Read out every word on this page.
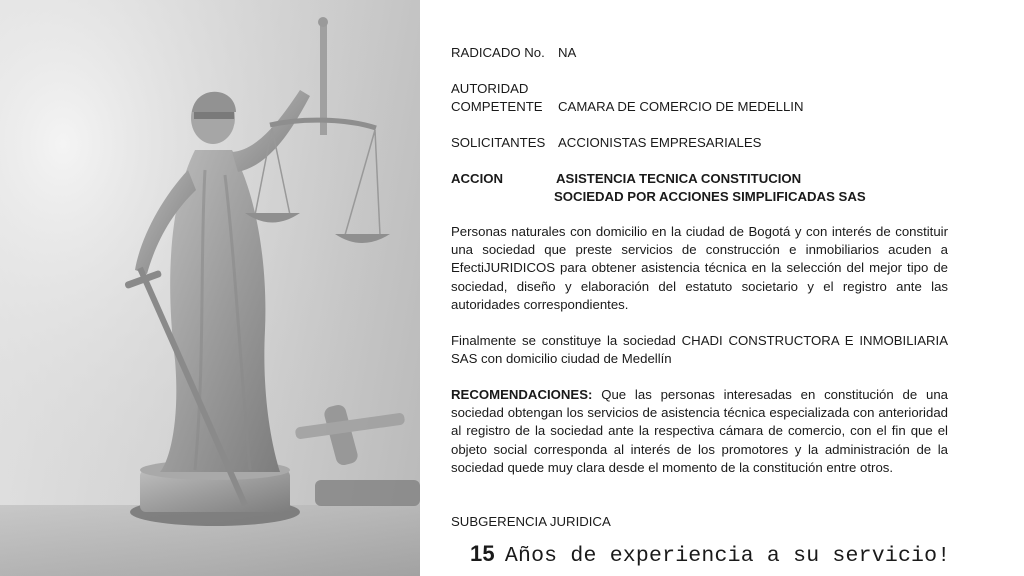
RADICADO No. NA
AUTORIDAD
COMPETENTE CAMARA DE COMERCIO DE MEDELLIN
SOLICITANTES ACCIONISTAS EMPRESARIALES
ACCION	ASISTENCIA TECNICA CONSTITUCION
SOCIEDAD POR ACCIONES SIMPLIFICADAS SAS
Personas naturales con domicilio en la ciudad de Bogotá y con interés de constituir una sociedad que preste servicios de construcción e inmobiliarios acuden a EfectiJURIDICOS para obtener asistencia técnica en la selección del mejor tipo de sociedad, diseño y elaboración del estatuto societario y el registro ante las autoridades correspondientes.
Finalmente se constituye la sociedad CHADI CONSTRUCTORA E INMOBILIARIA SAS con domicilio ciudad de Medellín
RECOMENDACIONES: Que las personas interesadas en constitución de una sociedad obtengan los servicios de asistencia técnica especializada con anterioridad al registro de la sociedad ante la respectiva cámara de comercio, con el fin que el objeto social corresponda al interés de los promotores y la administración de la sociedad quede muy clara desde el momento de la constitución entre otros.
SUBGERENCIA JURIDICA
15 Años de experiencia a su servicio!
